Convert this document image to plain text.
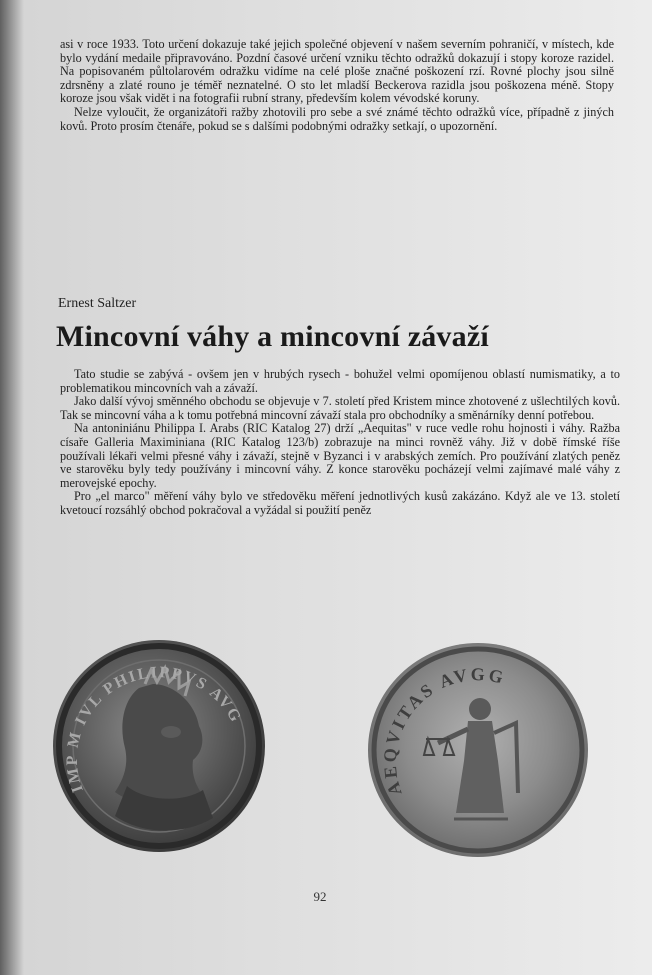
asi v roce 1933. Toto určení dokazuje také jejich společné objevení v našem severním pohraničí, v místech, kde bylo vydání medaile připravováno. Pozdní časové určení vzniku těchto odražků dokazují i stopy koroze razidel. Na popisovaném půltolarovém odražku vidíme na celé ploše značné poškození rzí. Rovné plochy jsou silně zdrsněny a zlaté rouno je téměř neznatelné. O sto let mladší Beckerova razidla jsou poškozena méně. Stopy koroze jsou však vidět i na fotografii rubní strany, především kolem vévodské koruny.

Nelze vyloučit, že organizátoři ražby zhotovili pro sebe a své známé těchto odražků více, případně z jiných kovů. Proto prosím čtenáře, pokud se s dalšími podobnými odražky setkají, o upozornění.

Ernest Saltzer
Mincovní váhy a mincovní závaží

Tato studie se zabývá - ovšem jen v hrubých rysech - bohužel velmi opomíjenou oblastí numismatiky, a to problematikou mincovních vah a závaží.

Jako další vývoj směnného obchodu se objevuje v 7. století před Kristem mince zhotovené z ušlechtilých kovů. Tak se mincovní váha a k tomu potřebná mincovní závaží stala pro obchodníky a směnárníky denní potřebou.

Na antoniniánu Philippa I. Arabs (RIC Katalog 27) drží „Aequitas" v ruce vedle rohu hojnosti i váhy. Ražba císaře Galleria Maximiniana (RIC Katalog 123/b) zobrazuje na minci rovněž váhy. Již v době římské říše používali lékaři velmi přesné váhy i závaží, stejně v Byzanci i v arabských zemích. Pro používání zlatých peněz ve starověku byly tedy používány i mincovní váhy. Z konce starověku pocházejí velmi zajímavé malé váhy z merovejské epochy.

Pro „el marco" měření váhy bylo ve středověku měření jednotlivých kusů zakázáno. Když ale ve 13. století kvetoucí rozsáhlý obchod pokračoval a vyžádal si použití peněz

IMP M IVL PHILIPPVS AVG
AEQVITAS AVGG
92
